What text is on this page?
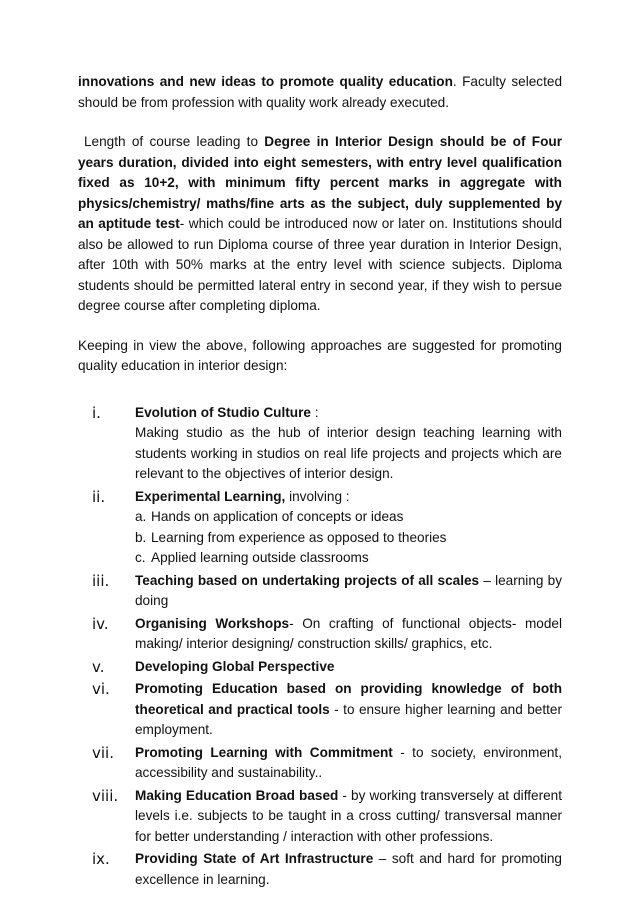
innovations and new ideas to promote quality education. Faculty selected should be from profession with quality work already executed.

Length of course leading to Degree in Interior Design should be of Four years duration, divided into eight semesters, with entry level qualification fixed as 10+2, with minimum fifty percent marks in aggregate with physics/chemistry/ maths/fine arts as the subject, duly supplemented by an aptitude test- which could be introduced now or later on. Institutions should also be allowed to run Diploma course of three year duration in Interior Design, after 10th with 50% marks at the entry level with science subjects. Diploma students should be permitted lateral entry in second year, if they wish to persue degree course after completing diploma.

Keeping in view the above, following approaches are suggested for promoting quality education in interior design:

i.	Evolution of Studio Culture :
Making studio as the hub of interior design teaching learning with students working in studios on real life projects and projects which are relevant to the objectives of interior design.
ii. Experimental Learning, involving :
a. Hands on application of concepts or ideas
b. Learning from experience as opposed to theories
c. Applied learning outside classrooms
iii. Teaching based on undertaking projects of all scales – learning by doing
iv. Organising Workshops- On crafting of functional objects- model making/ interior designing/ construction skills/ graphics, etc.
v. Developing Global Perspective
vi. Promoting Education based on providing knowledge of both theoretical and practical tools - to ensure higher learning and better employment.
vii. Promoting Learning with Commitment - to society, environment, accessibility and sustainability..
viii. Making Education Broad based - by working transversely at different levels i.e. subjects to be taught in a cross cutting/ transversal manner for better understanding / interaction with other professions.
ix. Providing State of Art Infrastructure – soft and hard for promoting excellence in learning.
